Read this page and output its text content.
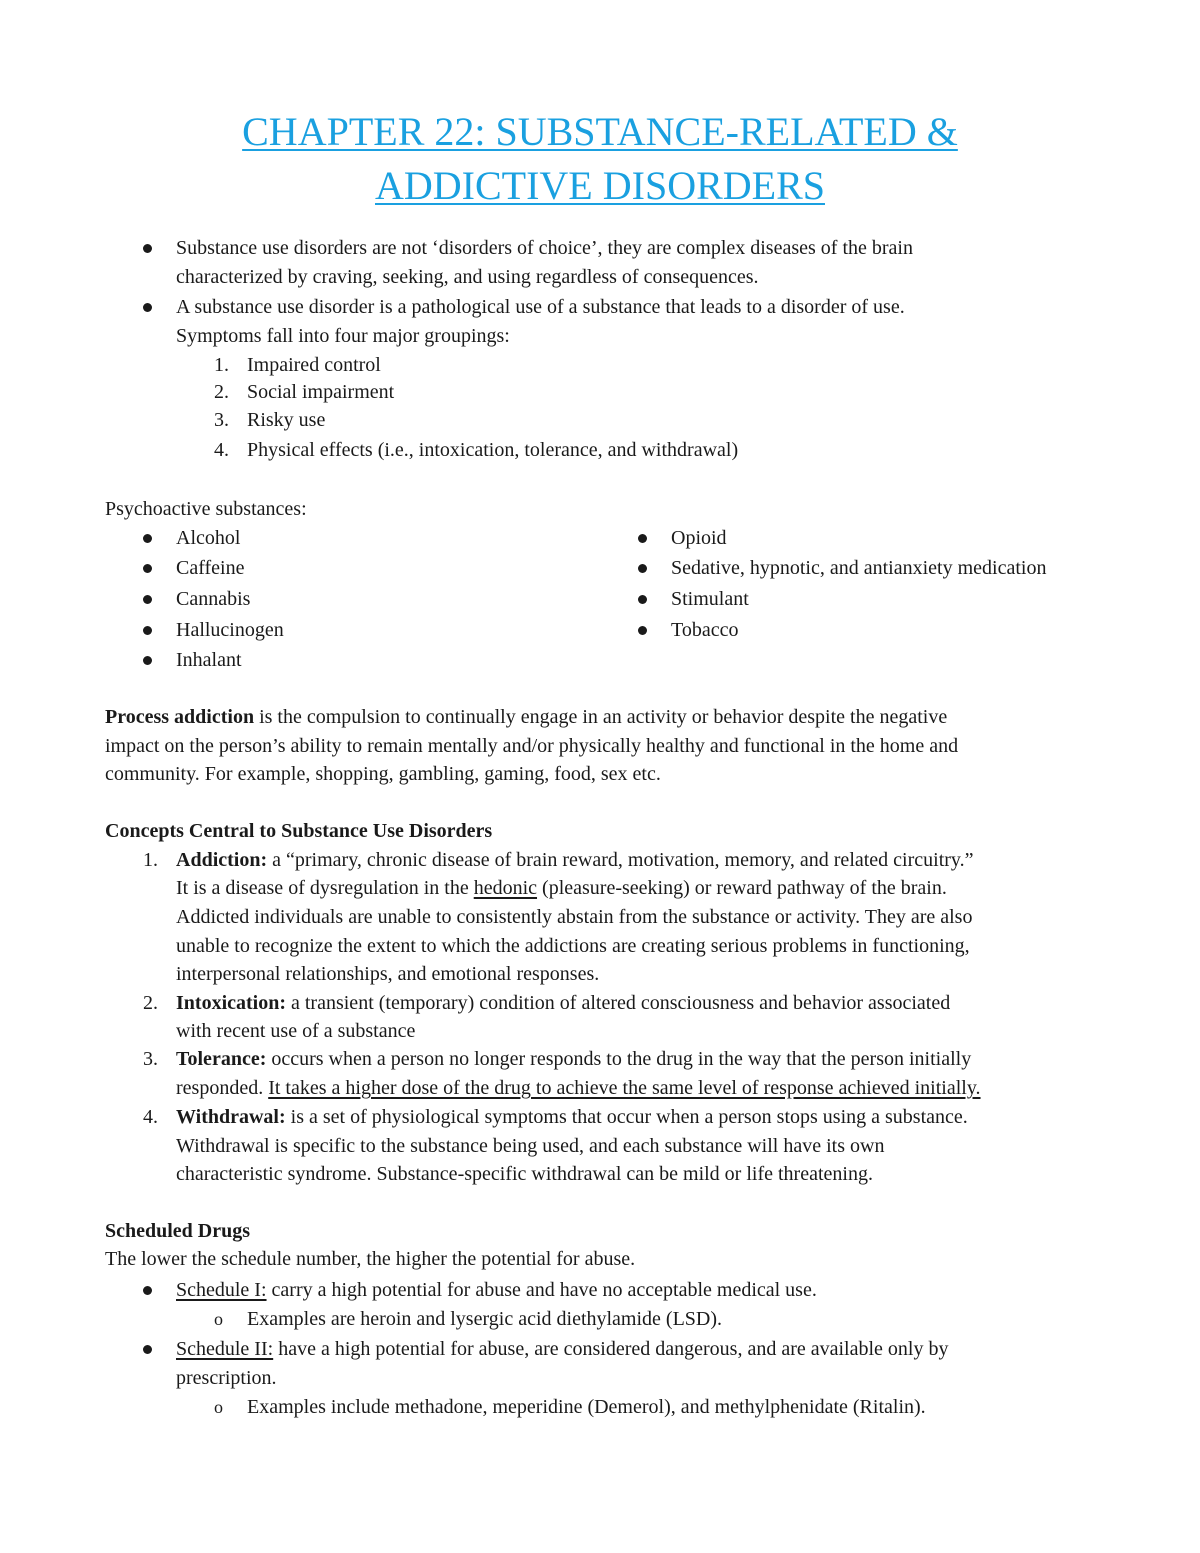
CHAPTER 22: SUBSTANCE-RELATED &
ADDICTIVE DISORDERS
Substance use disorders are not ‘disorders of choice’, they are complex diseases of the brain
characterized by craving, seeking, and using regardless of consequences.
A substance use disorder is a pathological use of a substance that leads to a disorder of use.
Symptoms fall into four major groupings:
1. Impaired control
2. Social impairment
3. Risky use
4. Physical effects (i.e., intoxication, tolerance, and withdrawal)
Psychoactive substances:
Alcohol
Caffeine
Cannabis
Hallucinogen
Inhalant
Opioid
Sedative, hypnotic, and antianxiety medication
Stimulant
Tobacco
Process addiction is the compulsion to continually engage in an activity or behavior despite the negative
impact on the person’s ability to remain mentally and/or physically healthy and functional in the home and
community. For example, shopping, gambling, gaming, food, sex etc.
Concepts Central to Substance Use Disorders
1. Addiction: a “primary, chronic disease of brain reward, motivation, memory, and related circuitry.”
It is a disease of dysregulation in the hedonic (pleasure-seeking) or reward pathway of the brain.
Addicted individuals are unable to consistently abstain from the substance or activity. They are also
unable to recognize the extent to which the addictions are creating serious problems in functioning,
interpersonal relationships, and emotional responses.
2. Intoxication: a transient (temporary) condition of altered consciousness and behavior associated
with recent use of a substance
3. Tolerance: occurs when a person no longer responds to the drug in the way that the person initially
responded. It takes a higher dose of the drug to achieve the same level of response achieved initially.
4. Withdrawal: is a set of physiological symptoms that occur when a person stops using a substance.
Withdrawal is specific to the substance being used, and each substance will have its own
characteristic syndrome. Substance-specific withdrawal can be mild or life threatening.
Scheduled Drugs
The lower the schedule number, the higher the potential for abuse.
Schedule I: carry a high potential for abuse and have no acceptable medical use.
o Examples are heroin and lysergic acid diethylamide (LSD).
Schedule II: have a high potential for abuse, are considered dangerous, and are available only by
prescription.
o Examples include methadone, meperidine (Demerol), and methylphenidate (Ritalin).
